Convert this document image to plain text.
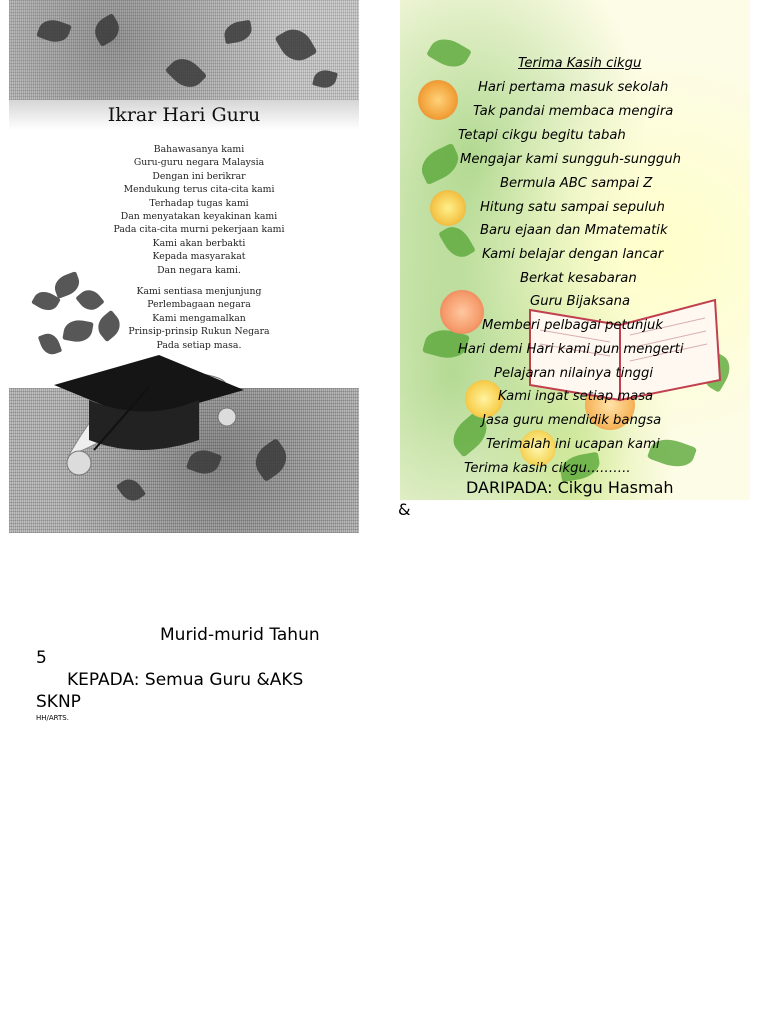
Ikrar Hari Guru
Bahawasanya kami
Guru-guru negara Malaysia
Dengan ini berikrar
Mendukung terus cita-cita kami
Terhadap tugas kami
Dan menyatakan keyakinan kami
Pada cita-cita murni pekerjaan kami
Kami akan berbakti
Kepada masyarakat
Dan negara kami.
Kami sentiasa menjunjung
Perlembagaan negara
Kami mengamalkan
Prinsip-prinsip Rukun Negara
Pada setiap masa.
Terima Kasih cikgu
Hari pertama masuk sekolah
Tak pandai membaca mengira
Tetapi cikgu begitu tabah
Mengajar kami sungguh-sungguh
Bermula ABC sampai Z
Hitung satu sampai sepuluh
Baru ejaan dan Mmatematik
Kami belajar dengan lancar
Berkat kesabaran
Guru Bijaksana
Memberi pelbagai petunjuk
Hari demi Hari kami pun mengerti
Pelajaran nilainya tinggi
Kami ingat setiap masa
Jasa guru mendidik bangsa
Terimalah ini ucapan kami
Terima kasih cikgu……….
DARIPADA: Cikgu Hasmah
&
Murid-murid Tahun
5
KEPADA: Semua Guru &AKS
SKNP
HH/ARTS.
